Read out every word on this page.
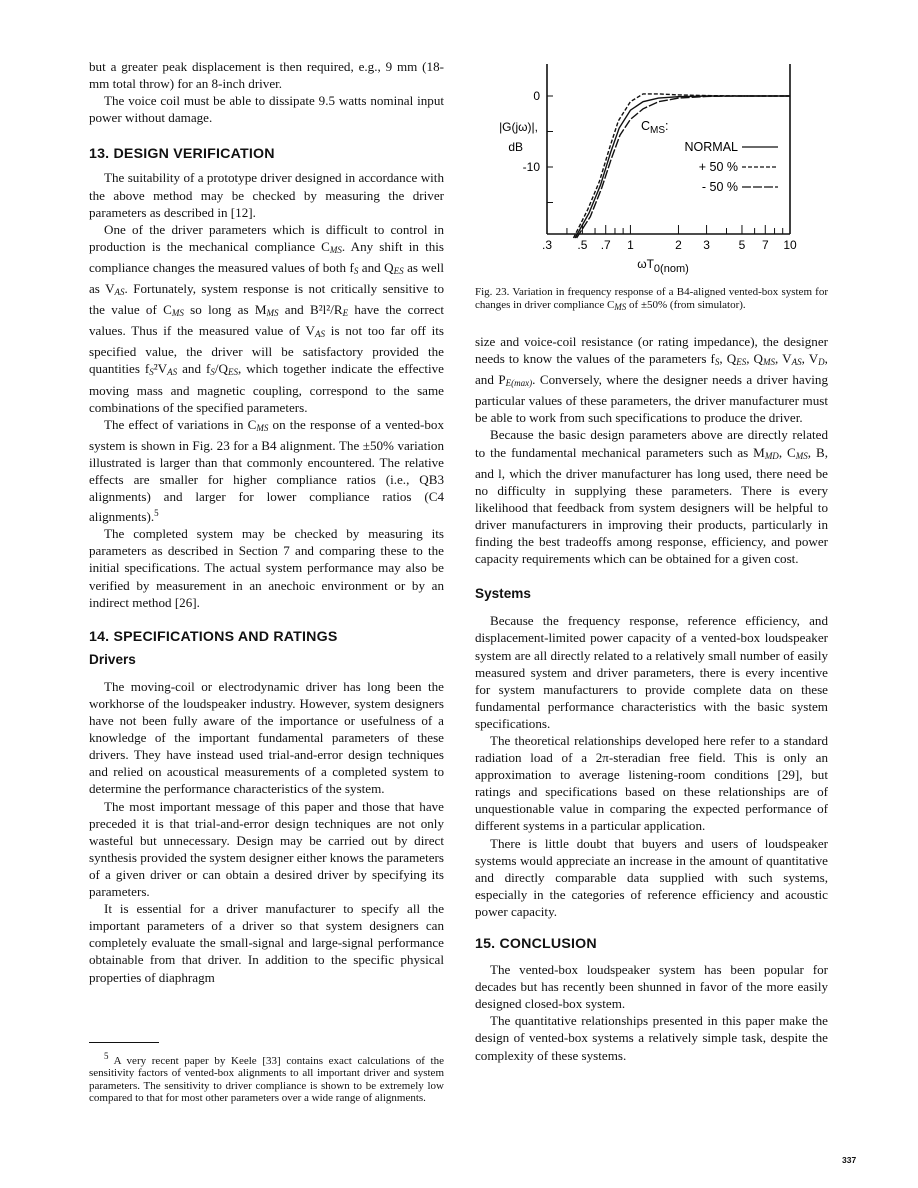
but a greater peak displacement is then required, e.g., 9 mm (18-mm total throw) for an 8-inch driver.

The voice coil must be able to dissipate 9.5 watts nominal input power without damage.

13. DESIGN VERIFICATION

The suitability of a prototype driver designed in accordance with the above method may be checked by measuring the driver parameters as described in [12].

One of the driver parameters which is difficult to control in production is the mechanical compliance $C_{MS}$. Any shift in this compliance changes the measured values of both $f_S$ and $Q_{ES}$ as well as $V_{AS}$. Fortunately, system response is not critically sensitive to the value of $C_{MS}$ so long as $M_{MS}$ and B²l²/$R_E$ have the correct values. Thus if the measured value of $V_{AS}$ is not too far off its specified value, the driver will be satisfactory provided the quantities $f_S^2V_{AS}$ and $f_S/Q_{ES}$, which together indicate the effective moving mass and magnetic coupling, correspond to the same combinations of the specified parameters.

The effect of variations in $C_{MS}$ on the response of a vented-box system is shown in Fig. 23 for a B4 alignment. The ±50% variation illustrated is larger than that commonly encountered. The relative effects are smaller for higher compliance ratios (i.e., QB3 alignments) and larger for lower compliance ratios (C4 alignments).$^5$

The completed system may be checked by measuring its parameters as described in Section 7 and comparing these to the initial specifications. The actual system performance may also be verified by measurement in an anechoic environment or by an indirect method [26].

14. SPECIFICATIONS AND RATINGS
Drivers

The moving-coil or electrodynamic driver has long been the workhorse of the loudspeaker industry. However, system designers have not been fully aware of the importance or usefulness of a knowledge of the important fundamental parameters of these drivers. They have instead used trial-and-error design techniques and relied on acoustical measurements of a completed system to determine the performance characteristics of the system.

The most important message of this paper and those that have preceded it is that trial-and-error design techniques are not only wasteful but unnecessary. Design may be carried out by direct synthesis provided the system designer either knows the parameters of a given driver or can obtain a desired driver by specifying its parameters.

It is essential for a driver manufacturer to specify all the important parameters of a driver so that system designers can completely evaluate the small-signal and large-signal performance obtainable from that driver. In addition to the specific physical properties of diaphragm

$^5$ A very recent paper by Keele [33] contains exact calculations of the sensitivity factors of vented-box alignments to all important driver and system parameters. The sensitivity to driver compliance is shown to be extremely low compared to that for most other parameters over a wide range of alignments.
0
-10
.3 .5 .7 1	2 3 5 7 10
|G(jω)|,
dB
ωT0(nom)
$C_{MS}$:
NORMAL
+ 50 %
- 50 %
Fig. 23. Variation in frequency response of a B4-aligned vented-box system for changes in driver compliance $C_{MS}$ of ±50% (from simulator).

size and voice-coil resistance (or rating impedance), the designer needs to know the values of the parameters $f_S$, $Q_{ES}$, $Q_{MS}$, $V_{AS}$, $V_D$, and $P_{E(max)}$. Conversely, where the designer needs a driver having particular values of these parameters, the driver manufacturer must be able to work from such specifications to produce the driver.

Because the basic design parameters above are directly related to the fundamental mechanical parameters such as $M_{MD}$, $C_{MS}$, B, and l, which the driver manufacturer has long used, there need be no difficulty in supplying these parameters. There is every likelihood that feedback from system designers will be helpful to driver manufacturers in improving their products, particularly in finding the best tradeoffs among response, efficiency, and power capacity requirements which can be obtained for a given cost.

Systems

Because the frequency response, reference efficiency, and displacement-limited power capacity of a vented-box loudspeaker system are all directly related to a relatively small number of easily measured system and driver parameters, there is every incentive for system manufacturers to provide complete data on these fundamental performance characteristics with the basic system specifications.

The theoretical relationships developed here refer to a standard radiation load of a 2π-steradian free field. This is only an approximation to average listening-room conditions [29], but ratings and specifications based on these relationships are of unquestionable value in comparing the expected performance of different systems in a particular application.

There is little doubt that buyers and users of loudspeaker systems would appreciate an increase in the amount of quantitative and directly comparable data supplied with such systems, especially in the categories of reference efficiency and acoustic power capacity.

15. CONCLUSION

The vented-box loudspeaker system has been popular for decades but has recently been shunned in favor of the more easily designed closed-box system.

The quantitative relationships presented in this paper make the design of vented-box systems a relatively simple task, despite the complexity of these systems.

337
